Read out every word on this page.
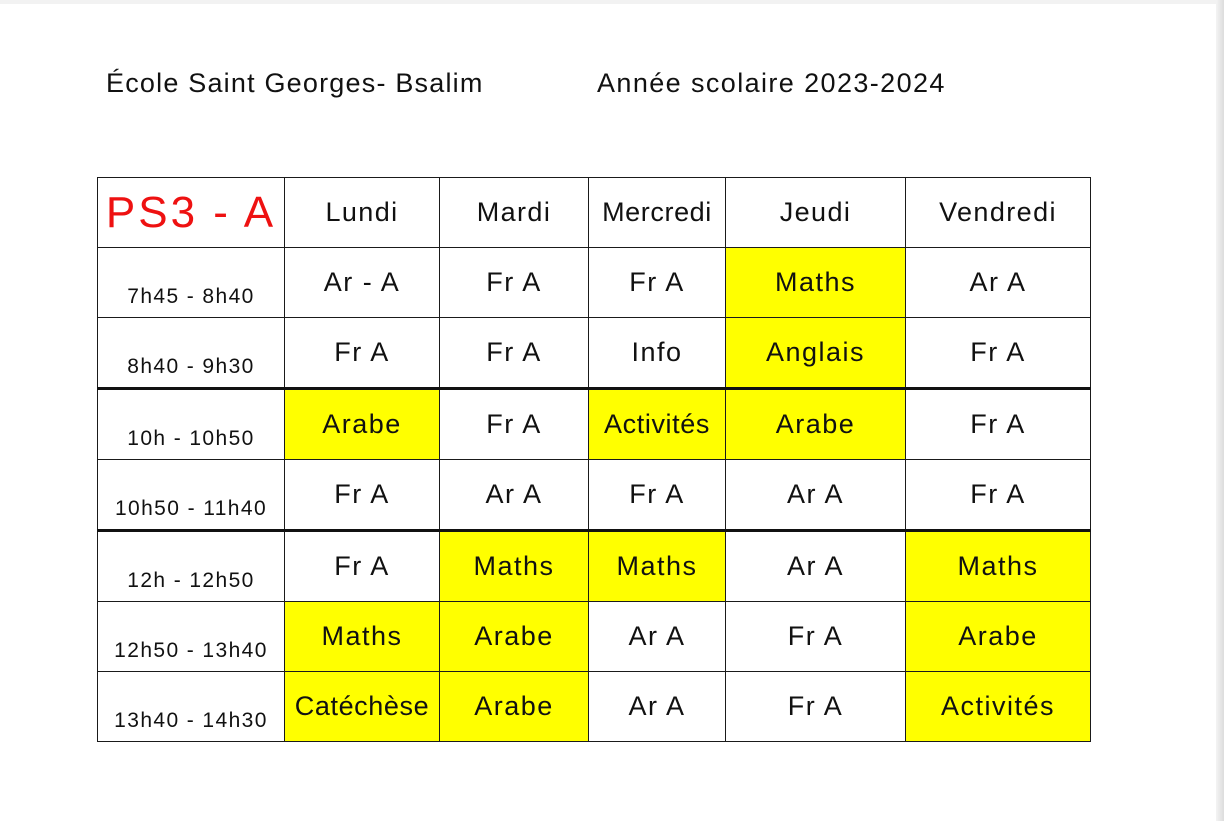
École Saint Georges- Bsalim	Année scolaire 2023-2024
PS3 - A	Lundi	Mardi	Mercredi	Jeudi	Vendredi
7h45 - 8h40	Ar - A	Fr A	Fr A	Maths	Ar A
8h40 - 9h30	Fr A	Fr A	Info	Anglais	Fr A
10h - 10h50	Arabe	Fr A	Activités	Arabe	Fr A
10h50 - 11h40	Fr A	Ar A	Fr A	Ar A	Fr A
12h - 12h50	Fr A	Maths	Maths	Ar A	Maths
12h50 - 13h40	Maths	Arabe	Ar A	Fr A	Arabe
13h40 - 14h30	Catéchèse	Arabe	Ar A	Fr A	Activités
